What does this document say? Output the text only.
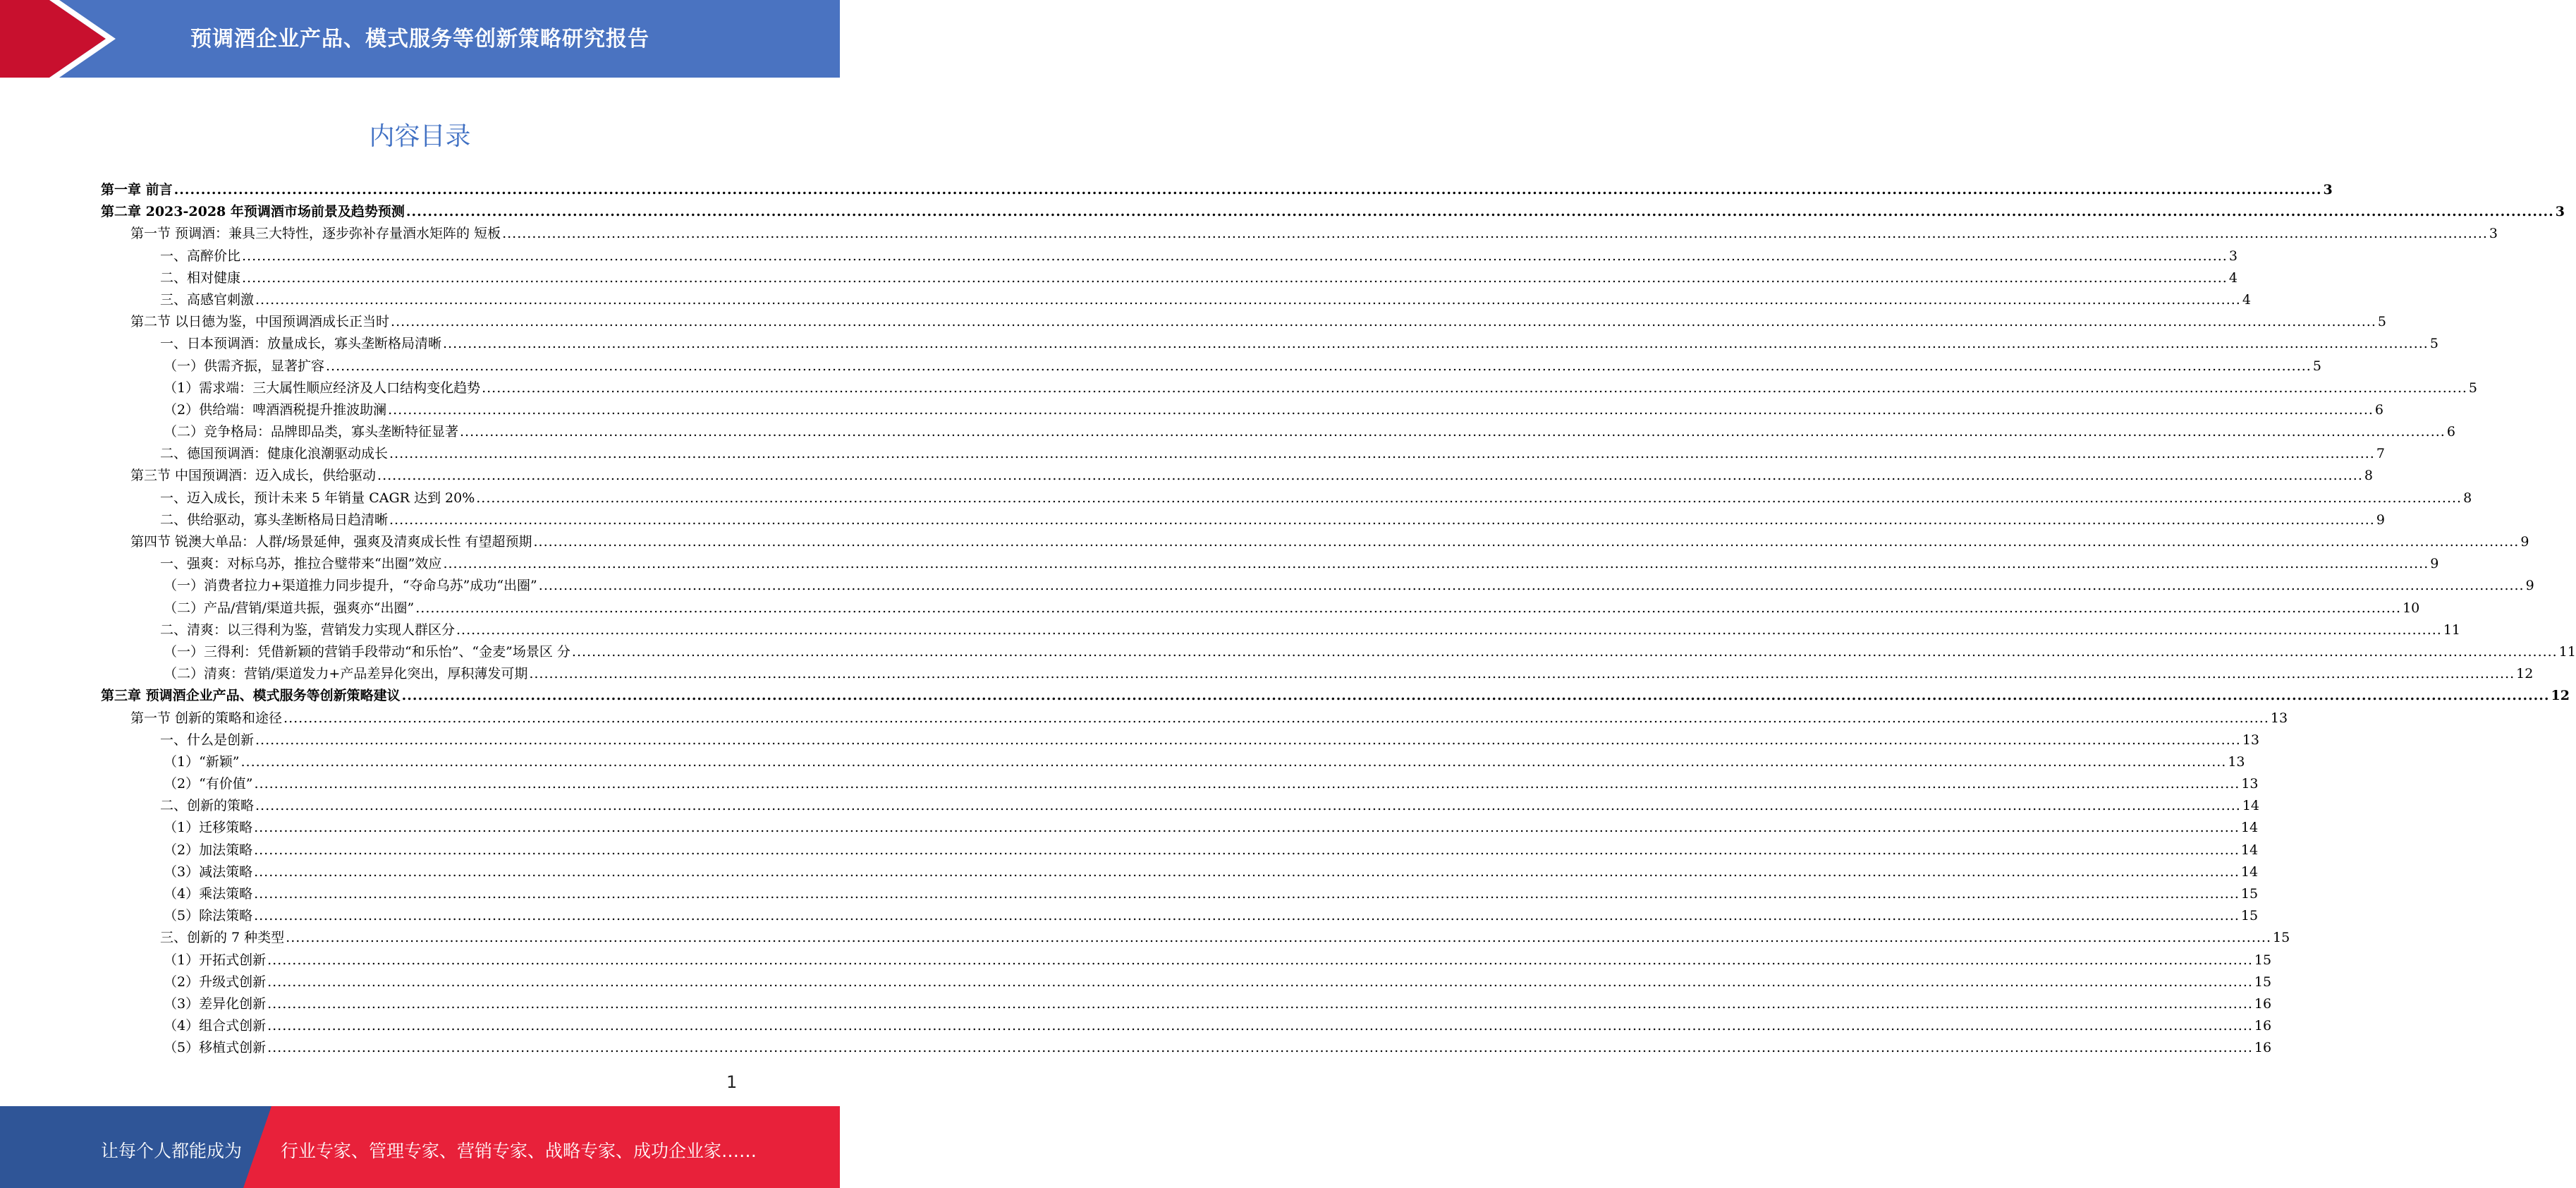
预调酒企业产品、模式服务等创新策略研究报告
内容目录
第一章 前言 ................................................................................................................................................................................................................................................................................................................................................................................................................ 3
第二章 2023-2028 年预调酒市场前景及趋势预测 ................................................................................................................................................................................................................................................................................................................................................................................................................ 3
第一节 预调酒：兼具三大特性，逐步弥补存量酒水矩阵的 短板 ................................................................................................................................................................................................................................................................................................................................................................................................................ 3
一、高醉价比 ................................................................................................................................................................................................................................................................................................................................................................................................................ 3
二、相对健康 ................................................................................................................................................................................................................................................................................................................................................................................................................ 4
三、高感官刺激 ................................................................................................................................................................................................................................................................................................................................................................................................................ 4
第二节 以日德为鉴，中国预调酒成长正当时 ................................................................................................................................................................................................................................................................................................................................................................................................................ 5
一、日本预调酒：放量成长，寡头垄断格局清晰 ................................................................................................................................................................................................................................................................................................................................................................................................................ 5
（一）供需齐振，显著扩容 ................................................................................................................................................................................................................................................................................................................................................................................................................ 5
（1）需求端：三大属性顺应经济及人口结构变化趋势 ................................................................................................................................................................................................................................................................................................................................................................................................................ 5
（2）供给端：啤酒酒税提升推波助澜 ................................................................................................................................................................................................................................................................................................................................................................................................................ 6
（二）竞争格局：品牌即品类，寡头垄断特征显著 ................................................................................................................................................................................................................................................................................................................................................................................................................ 6
二、德国预调酒：健康化浪潮驱动成长 ................................................................................................................................................................................................................................................................................................................................................................................................................ 7
第三节 中国预调酒：迈入成长，供给驱动 ................................................................................................................................................................................................................................................................................................................................................................................................................ 8
一、迈入成长，预计未来 5 年销量 CAGR 达到 20% ................................................................................................................................................................................................................................................................................................................................................................................................................ 8
二、供给驱动，寡头垄断格局日趋清晰 ................................................................................................................................................................................................................................................................................................................................................................................................................ 9
第四节 锐澳大单品：人群/场景延伸，强爽及清爽成长性 有望超预期 ................................................................................................................................................................................................................................................................................................................................................................................................................ 9
一、强爽：对标乌苏，推拉合璧带来“出圈”效应 ................................................................................................................................................................................................................................................................................................................................................................................................................ 9
（一）消费者拉力+渠道推力同步提升，“夺命乌苏”成功“出圈” ................................................................................................................................................................................................................................................................................................................................................................................................................ 9
（二）产品/营销/渠道共振，强爽亦“出圈” ................................................................................................................................................................................................................................................................................................................................................................................................................ 10
二、清爽：以三得利为鉴，营销发力实现人群区分 ................................................................................................................................................................................................................................................................................................................................................................................................................ 11
（一）三得利：凭借新颖的营销手段带动“和乐怡”、“金麦”场景区 分 ................................................................................................................................................................................................................................................................................................................................................................................................................ 11
（二）清爽：营销/渠道发力+产品差异化突出，厚积薄发可期 ................................................................................................................................................................................................................................................................................................................................................................................................................ 12
第三章 预调酒企业产品、模式服务等创新策略建议 ................................................................................................................................................................................................................................................................................................................................................................................................................ 12
第一节 创新的策略和途径 ................................................................................................................................................................................................................................................................................................................................................................................................................ 13
一、什么是创新 ................................................................................................................................................................................................................................................................................................................................................................................................................ 13
（1）“新颖” ................................................................................................................................................................................................................................................................................................................................................................................................................ 13
（2）“有价值” ................................................................................................................................................................................................................................................................................................................................................................................................................ 13
二、创新的策略 ................................................................................................................................................................................................................................................................................................................................................................................................................ 14
（1）迁移策略 ................................................................................................................................................................................................................................................................................................................................................................................................................ 14
（2）加法策略 ................................................................................................................................................................................................................................................................................................................................................................................................................ 14
（3）减法策略 ................................................................................................................................................................................................................................................................................................................................................................................................................ 14
（4）乘法策略 ................................................................................................................................................................................................................................................................................................................................................................................................................ 15
（5）除法策略 ................................................................................................................................................................................................................................................................................................................................................................................................................ 15
三、创新的 7 种类型 ................................................................................................................................................................................................................................................................................................................................................................................................................ 15
（1）开拓式创新 ................................................................................................................................................................................................................................................................................................................................................................................................................ 15
（2）升级式创新 ................................................................................................................................................................................................................................................................................................................................................................................................................ 15
（3）差异化创新 ................................................................................................................................................................................................................................................................................................................................................................................................................ 16
（4）组合式创新 ................................................................................................................................................................................................................................................................................................................................................................................................................ 16
（5）移植式创新 ................................................................................................................................................................................................................................................................................................................................................................................................................ 16
1
让每个人都能成为 行业专家、管理专家、营销专家、战略专家、成功企业家……
